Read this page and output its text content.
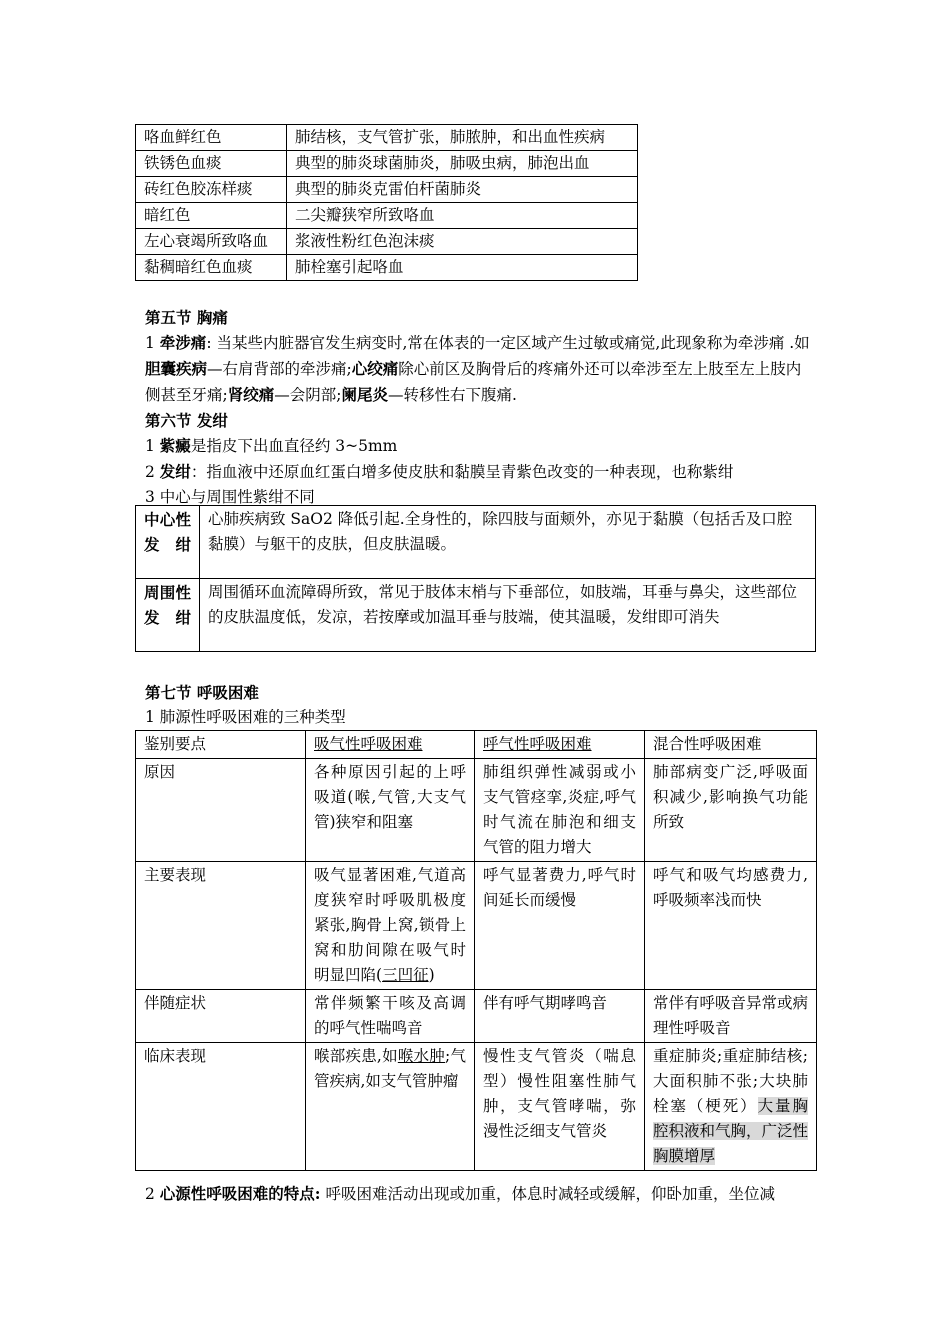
咯血鲜红色	肺结核，支气管扩张，肺脓肿，和出血性疾病
铁锈色血痰	典型的肺炎球菌肺炎，肺吸虫病，肺泡出血
砖红色胶冻样痰	典型的肺炎克雷伯杆菌肺炎
暗红色	二尖瓣狭窄所致咯血
左心衰竭所致咯血	浆液性粉红色泡沫痰
黏稠暗红色血痰	肺栓塞引起咯血
第五节 胸痛
1 牵涉痛: 当某些内脏器官发生病变时,常在体表的一定区域产生过敏或痛觉,此现象称为牵涉痛 .如胆囊疾病—右肩背部的牵涉痛;心绞痛除心前区及胸骨后的疼痛外还可以牵涉至左上肢至左上肢内侧甚至牙痛;肾绞痛—会阴部;阑尾炎—转移性右下腹痛.
第六节 发绀
1 紫癜是指皮下出血直径约 3~5mm
2 发绀：指血液中还原血红蛋白增多使皮肤和黏膜呈青紫色改变的一种表现，也称紫绀
3 中心与周围性紫绀不同
中心性发绀	心肺疾病致 SaO2 降低引起.全身性的，除四肢与面颊外，亦见于黏膜（包括舌及口腔黏膜）与躯干的皮肤，但皮肤温暖。
周围性发绀	周围循环血流障碍所致，常见于肢体末梢与下垂部位，如肢端，耳垂与鼻尖，这些部位的皮肤温度低，发凉，若按摩或加温耳垂与肢端，使其温暖，发绀即可消失
第七节 呼吸困难
1 肺源性呼吸困难的三种类型
鉴别要点	吸气性呼吸困难	呼气性呼吸困难	混合性呼吸困难
原因	各种原因引起的上呼吸道(喉,气管,大支气管)狭窄和阻塞	肺组织弹性减弱或小支气管痉挛,炎症,呼气时气流在肺泡和细支气管的阻力增大	肺部病变广泛,呼吸面积减少,影响换气功能所致
主要表现	吸气显著困难,气道高度狭窄时呼吸肌极度紧张,胸骨上窝,锁骨上窝和肋间隙在吸气时明显凹陷(三凹征)	呼气显著费力,呼气时间延长而缓慢	呼气和吸气均感费力,呼吸频率浅而快
伴随症状	常伴频繁干咳及高调的呼气性喘鸣音	伴有呼气期哮鸣音	常伴有呼吸音异常或病理性呼吸音
临床表现	喉部疾患,如喉水肿;气管疾病,如支气管肿瘤	慢性支气管炎（喘息型）慢性阻塞性肺气肿，支气管哮喘，弥漫性泛细支气管炎	重症肺炎;重症肺结核;大面积肺不张;大块肺栓塞（梗死）大量胸腔积液和气胸，广泛性胸膜增厚
2 心源性呼吸困难的特点: 呼吸困难活动出现或加重，体息时减轻或缓解，仰卧加重，坐位减
